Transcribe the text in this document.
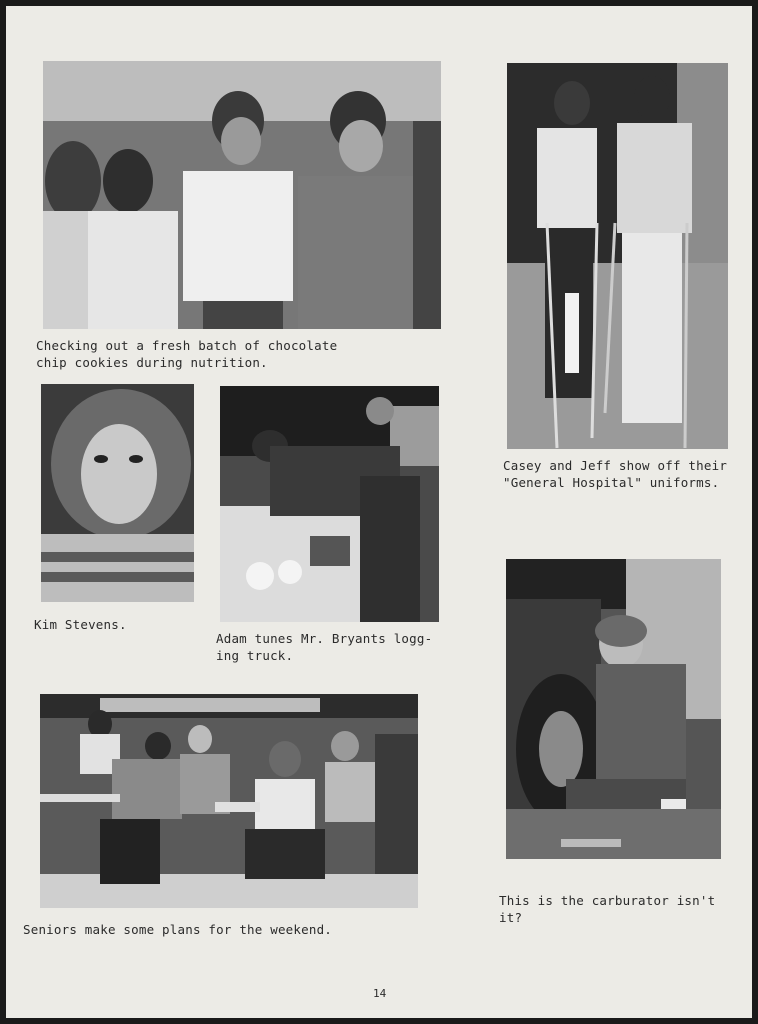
Checking out a fresh batch of chocolate
chip cookies during nutrition.
Casey and Jeff show off their
"General Hospital" uniforms.
Kim Stevens.
Adam tunes Mr. Bryants logg-
ing truck.
This is the carburator isn't
it?
Seniors make some plans for the weekend.
14
